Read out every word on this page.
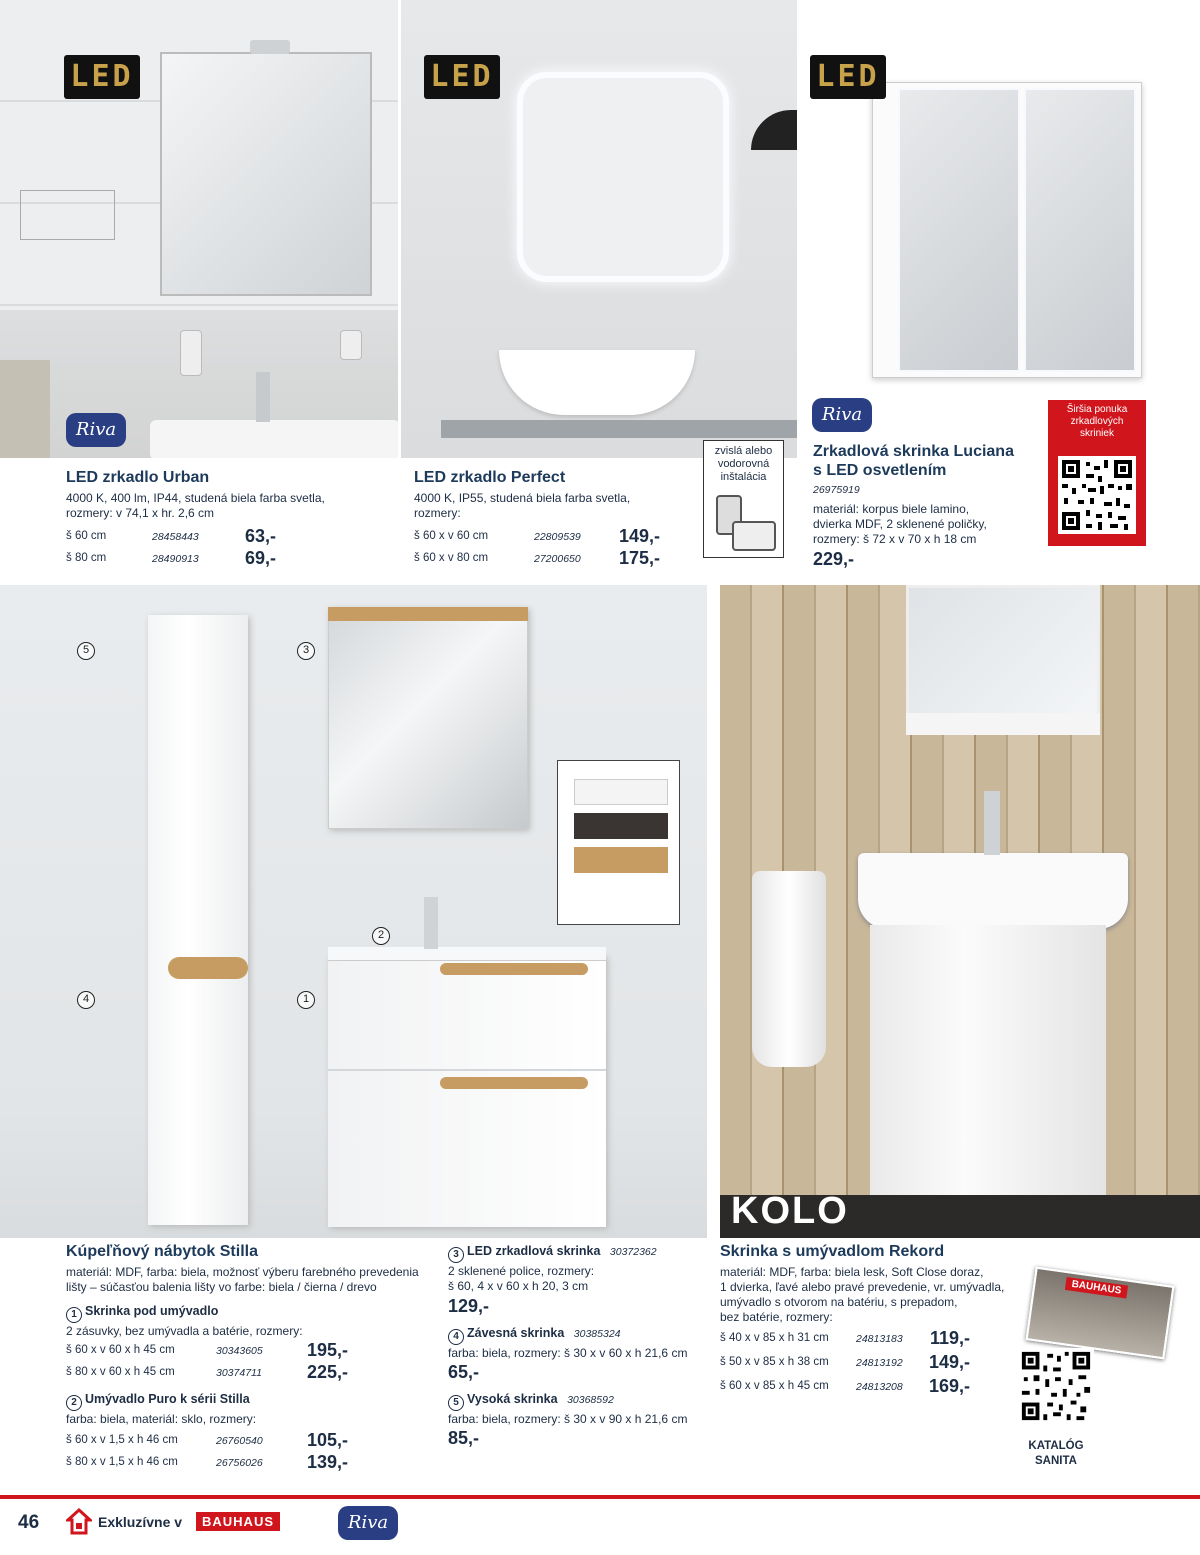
LED
Riva
LED	LED
Riva
LED zrkadlo Urban
4000 K, 400 lm, IP44, studená biela farba svetla,
rozmery: v 74,1 x hr. 2,6 cm
š 60 cm	28458443	63,-
š 80 cm	28490913	69,-
LED zrkadlo Perfect
4000 K, IP55, studená biela farba svetla,
rozmery:
š 60 x v 60 cm	22809539 149,-
š 60 x v 80 cm	27200650 175,-
zvislá alebo vodorovná inštalácia
Zrkadlová skrinka Luciana
s LED osvetlením
26975919
materiál: korpus biele lamino,
dvierka MDF, 2 sklenené poličky,
rozmery: š 72 x v 70 x h 18 cm
229,-
Širšia ponuka zrkadlových skriniek
5	3
2
4	1
KOLO
Kúpeľňový nábytok Stilla
materiál: MDF, farba: biela, možnosť výberu farebného prevedenia
lišty – súčasťou balenia lišty vo farbe: biela / čierna / drevo
1 Skrinka pod umývadlo
2 zásuvky, bez umývadla a batérie, rozmery:
š 60 x v 60 x h 45 cm	30343605 195,-
š 80 x v 60 x h 45 cm	30374711	225,-
2 Umývadlo Puro k sérii Stilla
farba: biela, materiál: sklo, rozmery:
š 60 x v 1,5 x h 46 cm	26760540 105,-
š 80 x v 1,5 x h 46 cm	26756026 139,-
3 LED zrkadlová skrinka 30372362
2 sklenené police, rozmery:
š 60, 4 x v 60 x h 20, 3 cm
129,-
4 Závesná skrinka 30385324
farba: biela, rozmery: š 30 x v 60 x h 21,6 cm
65,-
5 Vysoká skrinka 30368592
farba: biela, rozmery: š 30 x v 90 x h 21,6 cm
85,-
Skrinka s umývadlom Rekord
materiál: MDF, farba: biela lesk, Soft Close doraz,
1 dvierka, ľavé alebo pravé prevedenie, vr. umývadla,
umývadlo s otvorom na batériu, s prepadom,
bez batérie, rozmery:
š 40 x v 85 x h 31 cm	24813183 119,-
š 50 x v 85 x h 38 cm	24813192 149,-
š 60 x v 85 x h 45 cm	24813208 169,-
BAUHAUS
KATALÓG
SANITA
46	Exkluzívne v	BAUHAUS	Riva
